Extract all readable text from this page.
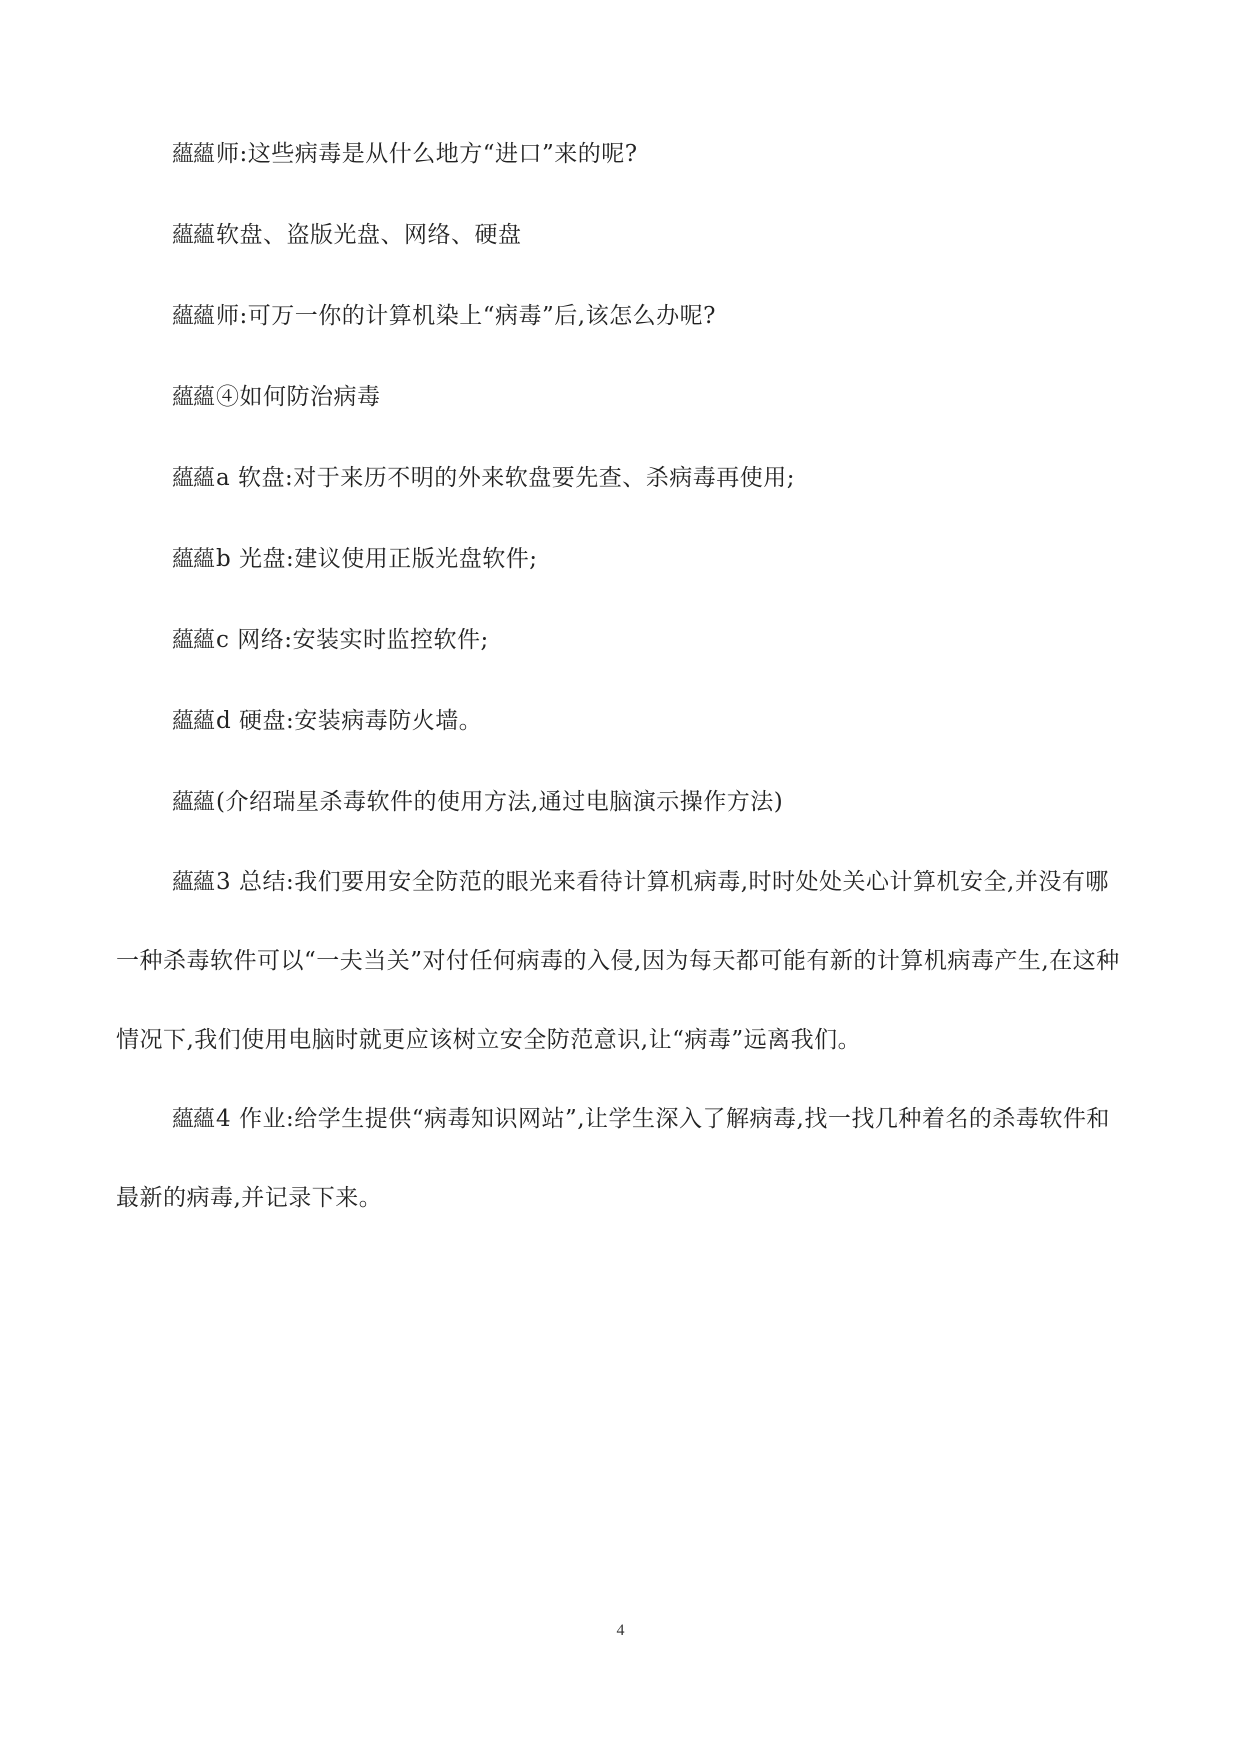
蘊蘊师:这些病毒是从什么地方“进口”来的呢?

蘊蘊软盘、盗版光盘、网络、硬盘

蘊蘊师:可万一你的计算机染上“病毒”后,该怎么办呢?

蘊蘊④如何防治病毒

蘊蘊a 软盘:对于来历不明的外来软盘要先查、杀病毒再使用;

蘊蘊b 光盘:建议使用正版光盘软件;

蘊蘊c 网络:安装实时监控软件;

蘊蘊d 硬盘:安装病毒防火墙。

蘊蘊(介绍瑞星杀毒软件的使用方法,通过电脑演示操作方法)

蘊蘊3 总结:我们要用安全防范的眼光来看待计算机病毒,时时处处关心计算机安全,并没有哪一种杀毒软件可以“一夫当关”对付任何病毒的入侵,因为每天都可能有新的计算机病毒产生,在这种情况下,我们使用电脑时就更应该树立安全防范意识,让“病毒”远离我们。

蘊蘊4 作业:给学生提供“病毒知识网站”,让学生深入了解病毒,找一找几种着名的杀毒软件和最新的病毒,并记录下来。

4
